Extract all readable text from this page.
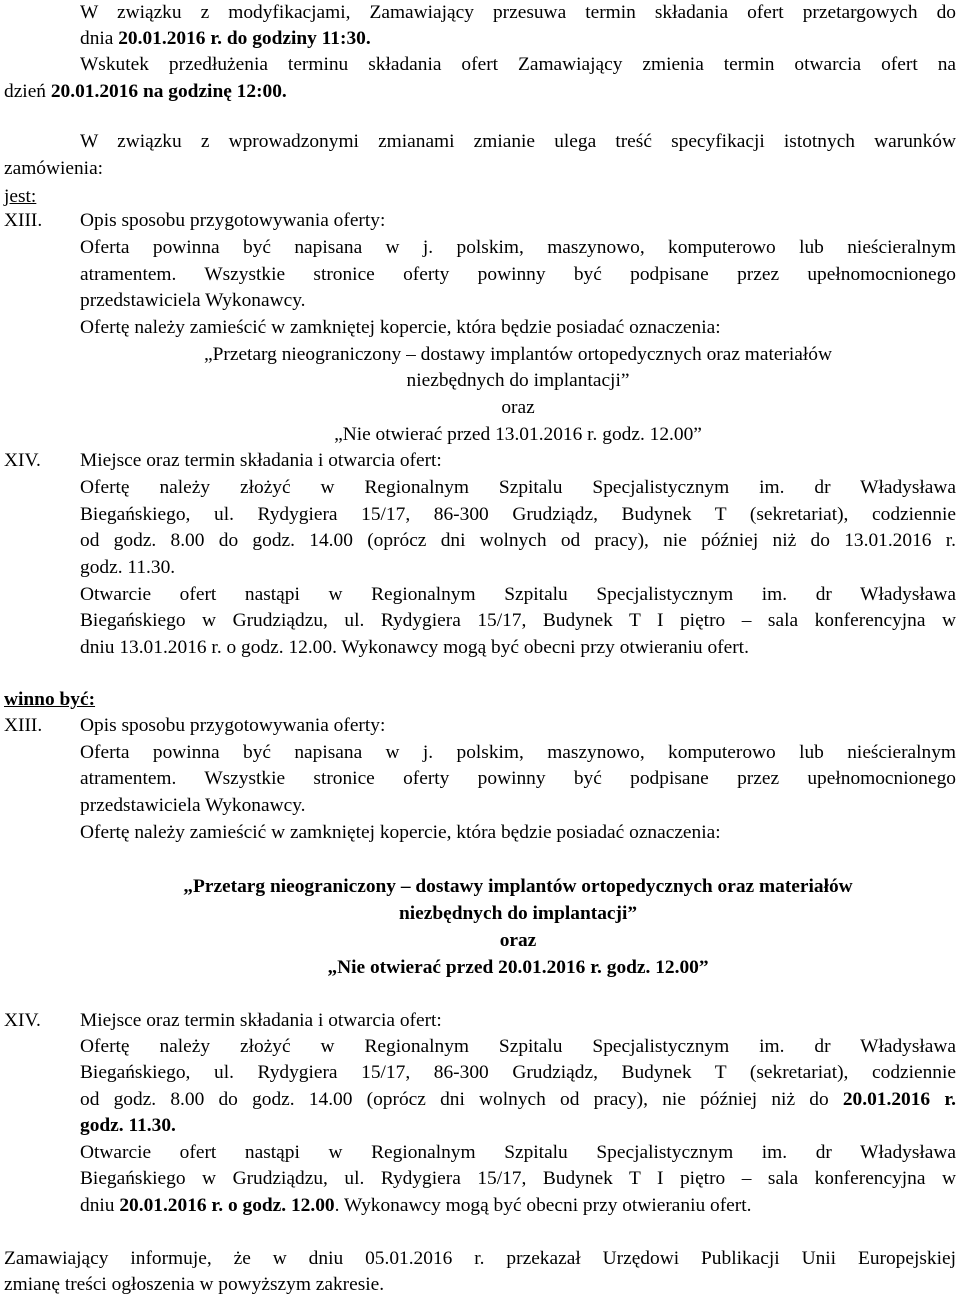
W związku z modyfikacjami, Zamawiający przesuwa termin składania ofert przetargowych do
dnia 20.01.2016 r. do godziny 11:30.
Wskutek przedłużenia terminu składania ofert Zamawiający zmienia termin otwarcia ofert na
dzień 20.01.2016 na godzinę 12:00.
W związku z wprowadzonymi zmianami zmianie ulega treść specyfikacji istotnych warunków
zamówienia:
jest:
XIII. Opis sposobu przygotowywania oferty:
Oferta powinna być napisana w j. polskim, maszynowo, komputerowo lub nieścieralnym
atramentem. Wszystkie stronice oferty powinny być podpisane przez upełnomocnionego
przedstawiciela Wykonawcy.
Ofertę należy zamieścić w zamkniętej kopercie, która będzie posiadać oznaczenia:
„Przetarg nieograniczony – dostawy implantów ortopedycznych oraz materiałów
niezbędnych do implantacji”
oraz
„Nie otwierać przed 13.01.2016 r. godz. 12.00”
XIV. Miejsce oraz termin składania i otwarcia ofert:
Ofertę należy złożyć w Regionalnym Szpitalu Specjalistycznym im. dr Władysława
Biegańskiego, ul. Rydygiera 15/17, 86-300 Grudziądz, Budynek T (sekretariat), codziennie
od godz. 8.00 do godz. 14.00 (oprócz dni wolnych od pracy), nie później niż do 13.01.2016 r.
godz. 11.30.
Otwarcie ofert nastąpi w Regionalnym Szpitalu Specjalistycznym im. dr Władysława
Biegańskiego w Grudziądzu, ul. Rydygiera 15/17, Budynek T I piętro – sala konferencyjna w
dniu 13.01.2016 r. o godz. 12.00. Wykonawcy mogą być obecni przy otwieraniu ofert.
winno być:
XIII. Opis sposobu przygotowywania oferty:
Oferta powinna być napisana w j. polskim, maszynowo, komputerowo lub nieścieralnym
atramentem. Wszystkie stronice oferty powinny być podpisane przez upełnomocnionego
przedstawiciela Wykonawcy.
Ofertę należy zamieścić w zamkniętej kopercie, która będzie posiadać oznaczenia:
„Przetarg nieograniczony – dostawy implantów ortopedycznych oraz materiałów
niezbędnych do implantacji”
oraz
„Nie otwierać przed 20.01.2016 r. godz. 12.00”
XIV. Miejsce oraz termin składania i otwarcia ofert:
Ofertę należy złożyć w Regionalnym Szpitalu Specjalistycznym im. dr Władysława
Biegańskiego, ul. Rydygiera 15/17, 86-300 Grudziądz, Budynek T (sekretariat), codziennie
od godz. 8.00 do godz. 14.00 (oprócz dni wolnych od pracy), nie później niż do 20.01.2016 r.
godz. 11.30.
Otwarcie ofert nastąpi w Regionalnym Szpitalu Specjalistycznym im. dr Władysława
Biegańskiego w Grudziądzu, ul. Rydygiera 15/17, Budynek T I piętro – sala konferencyjna w
dniu 20.01.2016 r. o godz. 12.00. Wykonawcy mogą być obecni przy otwieraniu ofert.
Zamawiający informuje, że w dniu 05.01.2016 r. przekazał Urzędowi Publikacji Unii Europejskiej
zmianę treści ogłoszenia w powyższym zakresie.
